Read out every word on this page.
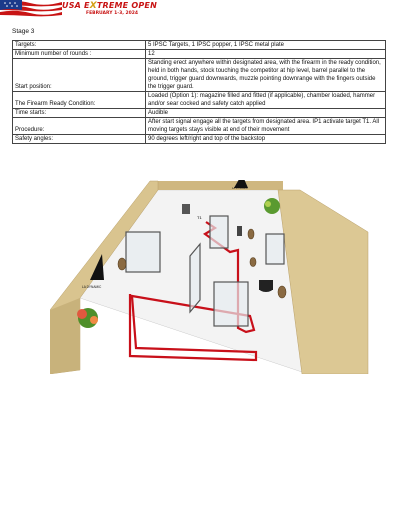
USA EXTREME OPEN
FEBRUARY 1-3, 2024
Stage 3
Targets:	5 IPSC Targets, 1 IPSC popper, 1 IPSC metal plate
Minimum number of rounds :	12
Start position:	Standing erect anywhere within designated area, with the firearm in the ready condition, held in both hands, stock touching the competitor at hip level, barrel parallel to the ground, trigger guard downwards, muzzle pointing downrange with the fingers outside the trigger guard.
The Firearm Ready Condition:	Loaded (Option 1): magazine filled and fitted (if applicable), chamber loaded, hammer and/or sear cocked and safety catch applied
Time starts:	Audible
Procedure:	After start signal engage all the targets from designated area. IP1 activate target T1. All moving targets stays visible at end of their movement
Safety angles:	90 degrees left/right and top of the backstop
T1
LA DYNAMIC
LA DYNAMIC
